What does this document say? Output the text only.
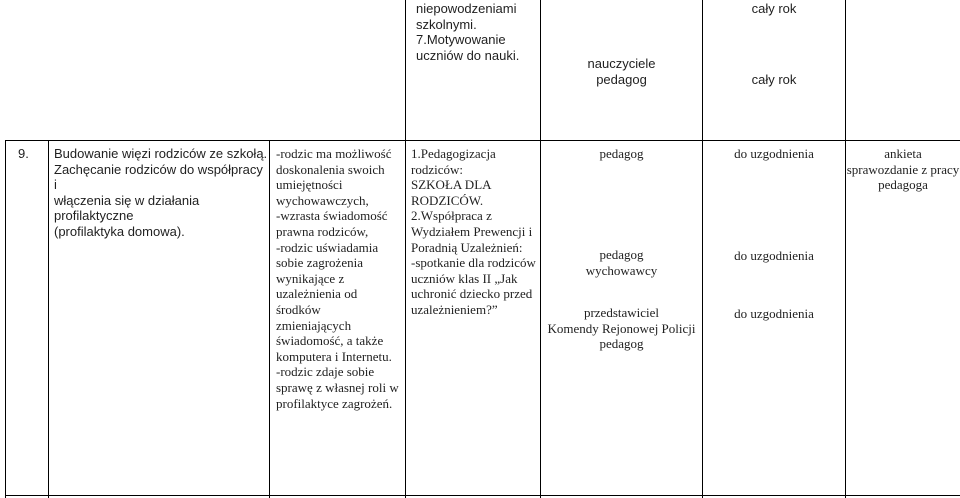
niepowodzeniami
szkolnymi.
7.Motywowanie
uczniów do nauki.
nauczyciele
pedagog
cały rok
cały rok
9. Budowanie więzi rodziców ze szkołą.
Zachęcanie rodziców do współpracy i
włączenia się w działania profilaktyczne
(profilaktyka domowa).
-rodzic ma możliwość
doskonalenia swoich
umiejętności
wychowawczych,
-wzrasta świadomość
prawna rodziców,
-rodzic uświadamia
sobie zagrożenia
wynikające z
uzależnienia od środków
zmieniających
świadomość, a także
komputera i Internetu.
-rodzic zdaje sobie
sprawę z własnej roli w
profilaktyce zagrożeń.
1.Pedagogizacja
rodziców:
SZKOŁA DLA
RODZICÓW.
2.Współpraca z
Wydziałem Prewencji i
Poradnią Uzależnień:
-spotkanie dla rodziców
uczniów klas II „Jak
uchronić dziecko przed
uzależnieniem?”
pedagog
pedagog
wychowawcy
przedstawiciel
Komendy Rejonowej Policji
pedagog
do uzgodnienia
do uzgodnienia
do uzgodnienia
ankieta
sprawozdanie z pracy
pedagoga
